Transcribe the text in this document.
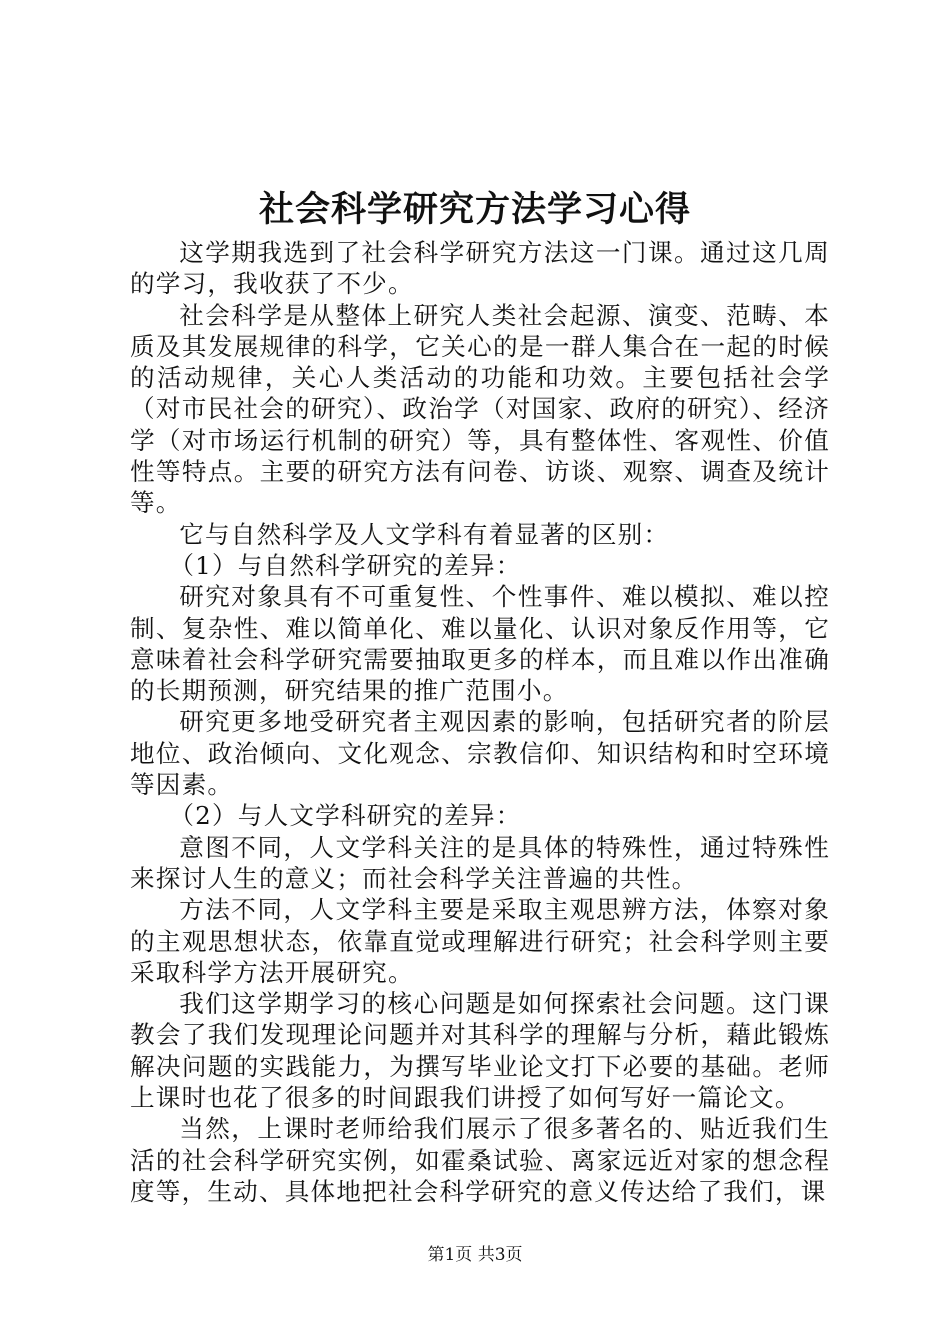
社会科学研究方法学习心得

这学期我选到了社会科学研究方法这一门课。通过这几周的学习，我收获了不少。

社会科学是从整体上研究人类社会起源、演变、范畴、本质及其发展规律的科学，它关心的是一群人集合在一起的时候的活动规律，关心人类活动的功能和功效。主要包括社会学（对市民社会的研究）、政治学（对国家、政府的研究）、经济学（对市场运行机制的研究）等，具有整体性、客观性、价值性等特点。主要的研究方法有问卷、访谈、观察、调查及统计等。

它与自然科学及人文学科有着显著的区别：

（1）与自然科学研究的差异：

研究对象具有不可重复性、个性事件、难以模拟、难以控制、复杂性、难以简单化、难以量化、认识对象反作用等，它意味着社会科学研究需要抽取更多的样本，而且难以作出准确的长期预测，研究结果的推广范围小。

研究更多地受研究者主观因素的影响，包括研究者的阶层地位、政治倾向、文化观念、宗教信仰、知识结构和时空环境等因素。

（2）与人文学科研究的差异：

意图不同，人文学科关注的是具体的特殊性，通过特殊性来探讨人生的意义；而社会科学关注普遍的共性。

方法不同，人文学科主要是采取主观思辨方法，体察对象的主观思想状态，依靠直觉或理解进行研究；社会科学则主要采取科学方法开展研究。

我们这学期学习的核心问题是如何探索社会问题。这门课教会了我们发现理论问题并对其科学的理解与分析，藉此锻炼解决问题的实践能力，为撰写毕业论文打下必要的基础。老师上课时也花了很多的时间跟我们讲授了如何写好一篇论文。

当然，上课时老师给我们展示了很多著名的、贴近我们生活的社会科学研究实例，如霍桑试验、离家远近对家的想念程度等，生动、具体地把社会科学研究的意义传达给了我们，课

第1页 共3页
